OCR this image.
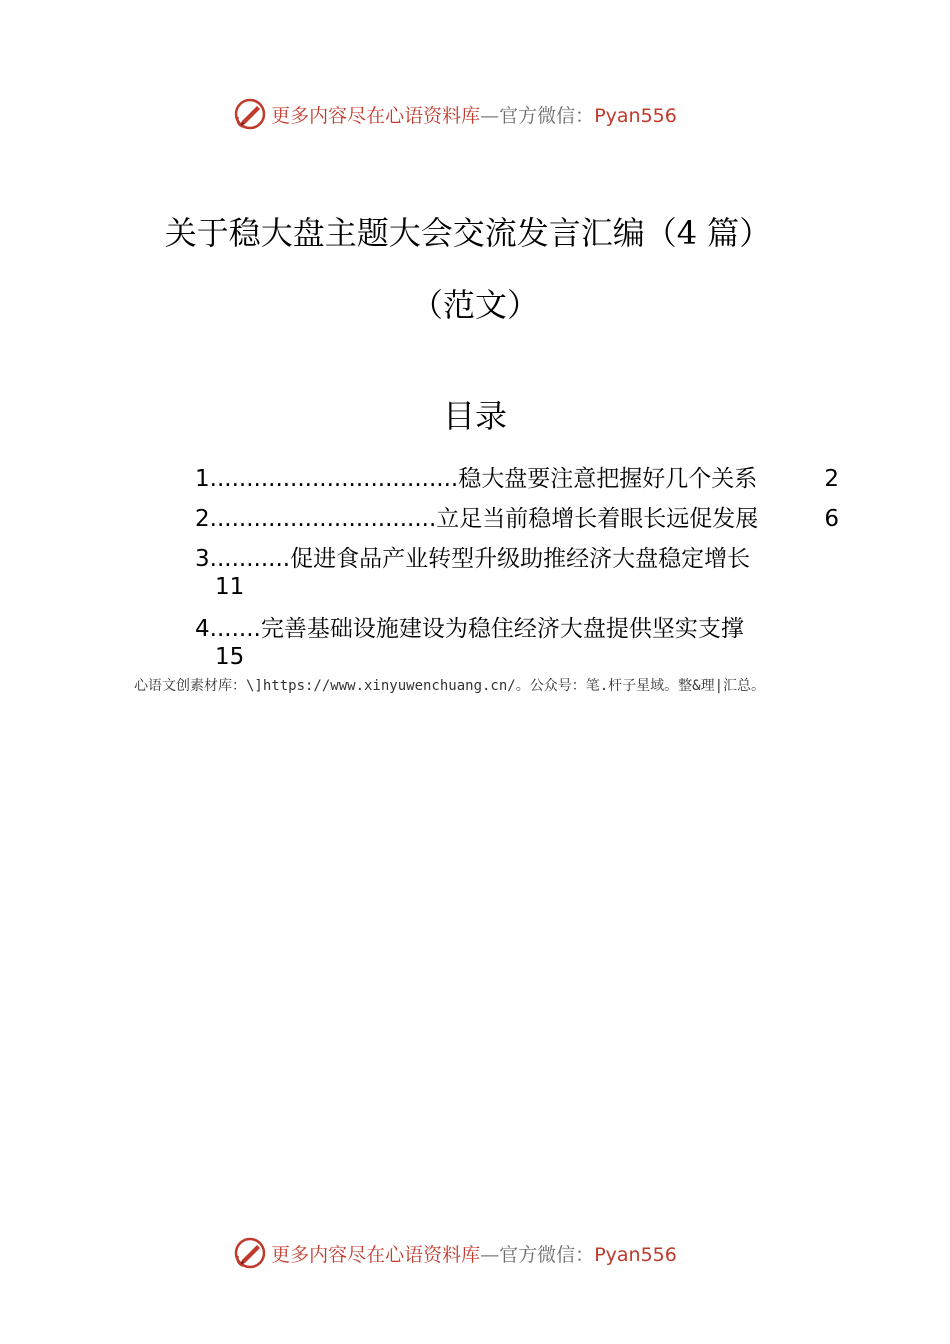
更多内容尽在心语资料库—官方微信：Pyan556
关于稳大盘主题大会交流发言汇编（4 篇）
（范文）
目录
1..................................稳大盘要注意把握好几个关系	2
2...............................立足当前稳增长着眼长远促发展	6
3...........促进食品产业转型升级助推经济大盘稳定增长
11
4.......完善基础设施建设为稳住经济大盘提供坚实支撑
15
心语文创素材库：\]https://www.xinyuwenchuang.cn/。公众号：笔.杆子星域。整&理|汇总。
更多内容尽在心语资料库—官方微信：Pyan556
